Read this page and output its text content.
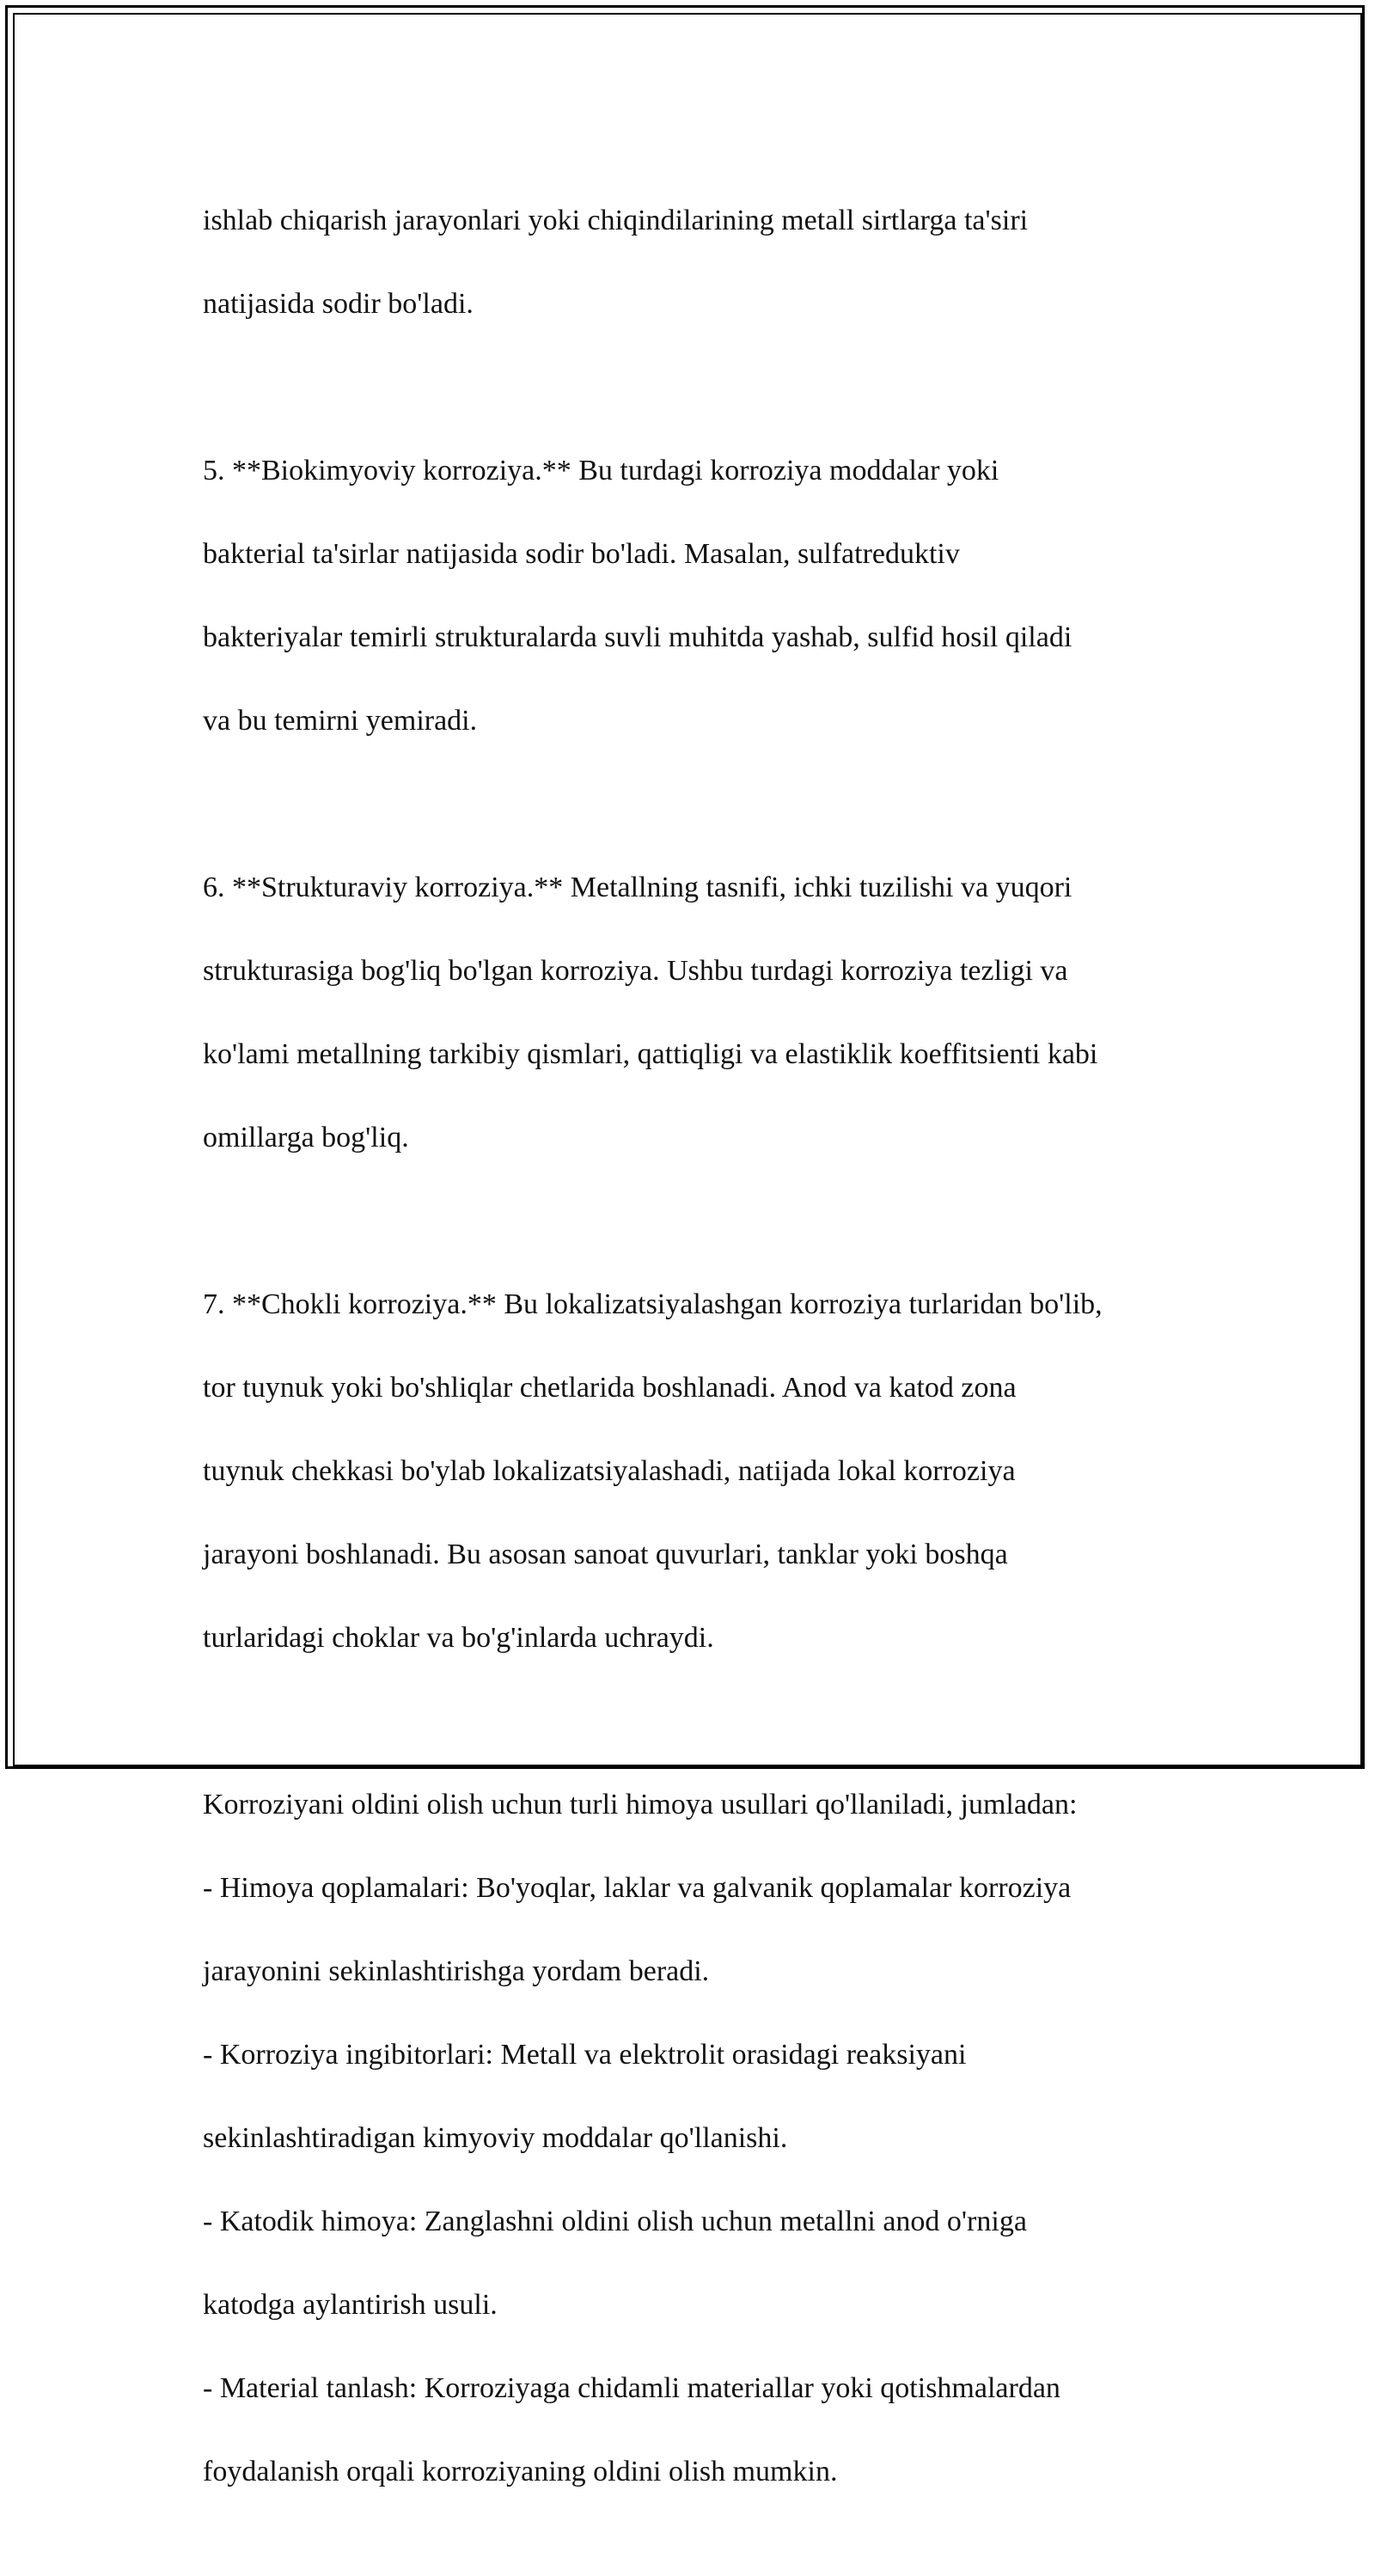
ishlab chiqarish jarayonlari yoki chiqindilarining metall sirtlarga ta'siri

natijasida sodir bo'ladi.

5. **Biokimyoviy korroziya.** Bu turdagi korroziya moddalar yoki

bakterial ta'sirlar natijasida sodir bo'ladi. Masalan, sulfatreduktiv

bakteriyalar temirli strukturalarda suvli muhitda yashab, sulfid hosil qiladi

va bu temirni yemiradi.

6. **Strukturaviy korroziya.** Metallning tasnifi, ichki tuzilishi va yuqori

strukturasiga bog'liq bo'lgan korroziya. Ushbu turdagi korroziya tezligi va

ko'lami metallning tarkibiy qismlari, qattiqligi va elastiklik koeffitsienti kabi

omillarga bog'liq.

7. **Chokli korroziya.** Bu lokalizatsiyalashgan korroziya turlaridan bo'lib,

tor tuynuk yoki bo'shliqlar chetlarida boshlanadi. Anod va katod zona

tuynuk chekkasi bo'ylab lokalizatsiyalashadi, natijada lokal korroziya

jarayoni boshlanadi. Bu asosan sanoat quvurlari, tanklar yoki boshqa

turlaridagi choklar va bo'g'inlarda uchraydi.

Korroziyani oldini olish uchun turli himoya usullari qo'llaniladi, jumladan:

- Himoya qoplamalari: Bo'yoqlar, laklar va galvanik qoplamalar korroziya

jarayonini sekinlashtirishga yordam beradi.

- Korroziya ingibitorlari: Metall va elektrolit orasidagi reaksiyani

sekinlashtiradigan kimyoviy moddalar qo'llanishi.

- Katodik himoya: Zanglashni oldini olish uchun metallni anod o'rniga

katodga aylantirish usuli.

- Material tanlash: Korroziyaga chidamli materiallar yoki qotishmalardan

foydalanish orqali korroziyaning oldini olish mumkin.
